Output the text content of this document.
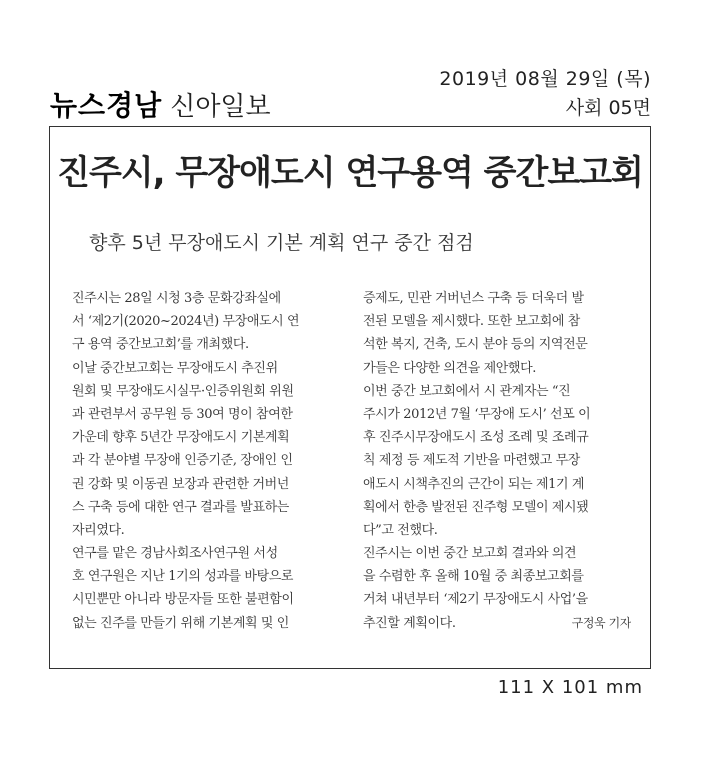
2019년 08월 29일 (목)
사회 05면
뉴스경남 신아일보
진주시, 무장애도시 연구용역 중간보고회
향후 5년 무장애도시 기본 계획 연구 중간 점검
진주시는 28일 시청 3층 문화강좌실에
서 ‘제2기(2020~2024년) 무장애도시 연
구 용역 중간보고회’를 개최했다.
이날 중간보고회는 무장애도시 추진위
원회 및 무장애도시실무·인증위원회 위원
과 관련부서 공무원 등 30여 명이 참여한
가운데 향후 5년간 무장애도시 기본계획
과 각 분야별 무장애 인증기준, 장애인 인
권 강화 및 이동권 보장과 관련한 거버넌
스 구축 등에 대한 연구 결과를 발표하는
자리였다.
연구를 맡은 경남사회조사연구원 서성
호 연구원은 지난 1기의 성과를 바탕으로
시민뿐만 아니라 방문자들 또한 불편함이
없는 진주를 만들기 위해 기본계획 및 인
증제도, 민관 거버넌스 구축 등 더욱더 발
전된 모델을 제시했다. 또한 보고회에 참
석한 복지, 건축, 도시 분야 등의 지역전문
가들은 다양한 의견을 제안했다.
이번 중간 보고회에서 시 관계자는 “진
주시가 2012년 7월 ‘무장애 도시’ 선포 이
후 진주시무장애도시 조성 조례 및 조례규
칙 제정 등 제도적 기반을 마련했고 무장
애도시 시책추진의 근간이 되는 제1기 계
획에서 한층 발전된 진주형 모델이 제시됐
다”고 전했다.
진주시는 이번 중간 보고회 결과와 의견
을 수렴한 후 올해 10월 중 최종보고회를
거쳐 내년부터 ‘제2기 무장애도시 사업’을
추진할 계획이다.	구정욱 기자
111 X 101 mm
